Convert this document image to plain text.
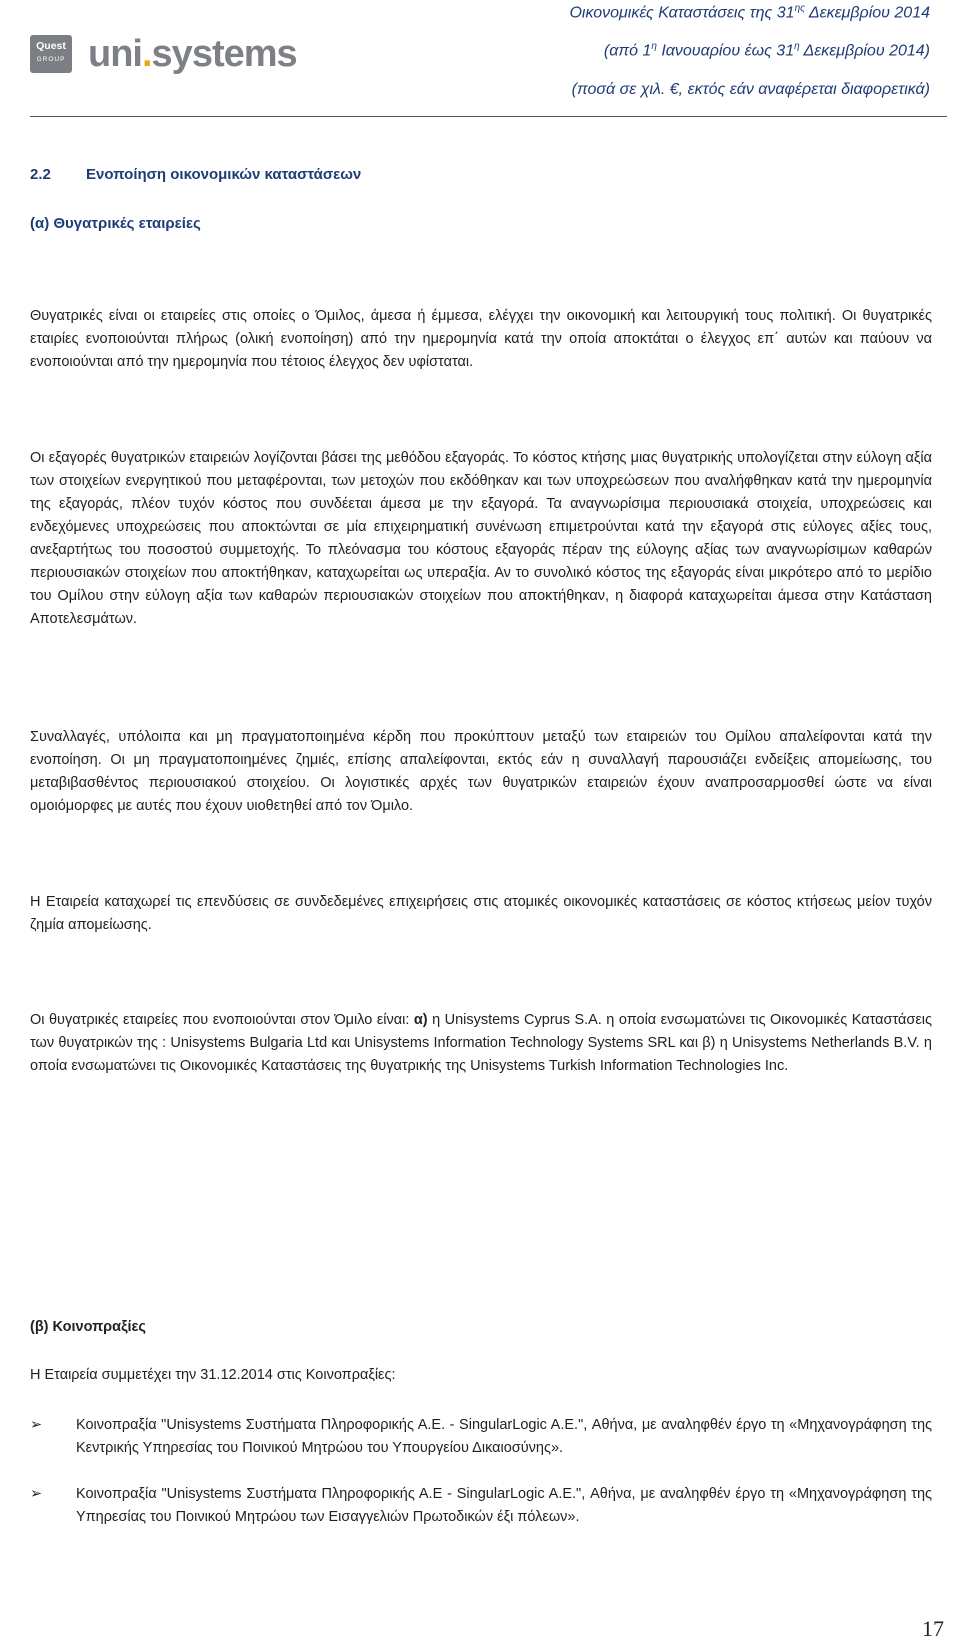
Quest
GROUP uni.systems
Οικονομικές Καταστάσεις της $31^{\eta\varsigma}$ Δεκεμβρίου 2014
(από $1^\eta$ Ιανουαρίου έως $31^\eta$ Δεκεμβρίου 2014)
(ποσά σε χιλ. €, εκτός εάν αναφέρεται διαφορετικά)
2.2 Ενοποίηση οικονομικών καταστάσεων
(α) Θυγατρικές εταιρείες
Θυγατρικές είναι οι εταιρείες στις οποίες ο Όμιλος, άμεσα ή έμμεσα, ελέγχει την οικονομική και λειτουργική τους πολιτική. Οι θυγατρικές εταιρίες ενοποιούνται πλήρως (ολική ενοποίηση) από την ημερομηνία κατά την οποία αποκτάται ο έλεγχος επ΄ αυτών και παύουν να ενοποιούνται από την ημερομηνία που τέτοιος έλεγχος δεν υφίσταται.
Οι εξαγορές θυγατρικών εταιρειών λογίζονται βάσει της μεθόδου εξαγοράς. Το κόστος κτήσης μιας θυγατρικής υπολογίζεται στην εύλογη αξία των στοιχείων ενεργητικού που μεταφέρονται, των μετοχών που εκδόθηκαν και των υποχρεώσεων που αναλήφθηκαν κατά την ημερομηνία της εξαγοράς, πλέον τυχόν κόστος που συνδέεται άμεσα με την εξαγορά. Τα αναγνωρίσιμα περιουσιακά στοιχεία, υποχρεώσεις και ενδεχόμενες υποχρεώσεις που αποκτώνται σε μία επιχειρηματική συνένωση επιμετρούνται κατά την εξαγορά στις εύλογες αξίες τους, ανεξαρτήτως του ποσοστού συμμετοχής. Το πλεόνασμα του κόστους εξαγοράς πέραν της εύλογης αξίας των αναγνωρίσιμων καθαρών περιουσιακών στοιχείων που αποκτήθηκαν, καταχωρείται ως υπεραξία. Αν το συνολικό κόστος της εξαγοράς είναι μικρότερο από το μερίδιο του Ομίλου στην εύλογη αξία των καθαρών περιουσιακών στοιχείων που αποκτήθηκαν, η διαφορά καταχωρείται άμεσα στην Κατάσταση Αποτελεσμάτων.
Συναλλαγές, υπόλοιπα και μη πραγματοποιημένα κέρδη που προκύπτουν μεταξύ των εταιρειών του Ομίλου απαλείφονται κατά την ενοποίηση. Οι μη πραγματοποιημένες ζημιές, επίσης απαλείφονται, εκτός εάν η συναλλαγή παρουσιάζει ενδείξεις απομείωσης, του μεταβιβασθέντος περιουσιακού στοιχείου. Οι λογιστικές αρχές των θυγατρικών εταιρειών έχουν αναπροσαρμοσθεί ώστε να είναι ομοιόμορφες με αυτές που έχουν υιοθετηθεί από τον Όμιλο.
Η Εταιρεία καταχωρεί τις επενδύσεις σε συνδεδεμένες επιχειρήσεις στις ατομικές οικονομικές καταστάσεις σε κόστος κτήσεως μείον τυχόν ζημία απομείωσης.
Οι θυγατρικές εταιρείες που ενοποιούνται στον Όμιλο είναι: α) η Unisystems Cyprus S.A. η οποία ενσωματώνει τις Οικονομικές Καταστάσεις των θυγατρικών της : Unisystems Bulgaria Ltd και Unisystems Information Technology Systems SRL και β) η Unisystems Netherlands B.V. η οποία ενσωματώνει τις Οικονομικές Καταστάσεις της θυγατρικής της Unisystems Turkish Information Technologies Inc.
(β) Κοινοπραξίες
Η Εταιρεία συμμετέχει την 31.12.2014 στις Κοινοπραξίες:
➢ Κοινοπραξία "Unisystems Συστήματα Πληροφορικής Α.Ε. - SingularLogic A.E.", Αθήνα, με αναληφθέν έργο τη «Μηχανογράφηση της Κεντρικής Υπηρεσίας του Ποινικού Μητρώου του Υπουργείου Δικαιοσύνης».
➢ Κοινοπραξία "Unisystems Συστήματα Πληροφορικής Α.Ε - SingularLogic A.E.", Αθήνα, με αναληφθέν έργο τη «Μηχανογράφηση της Υπηρεσίας του Ποινικού Μητρώου των Εισαγγελιών Πρωτοδικών έξι πόλεων».
17
